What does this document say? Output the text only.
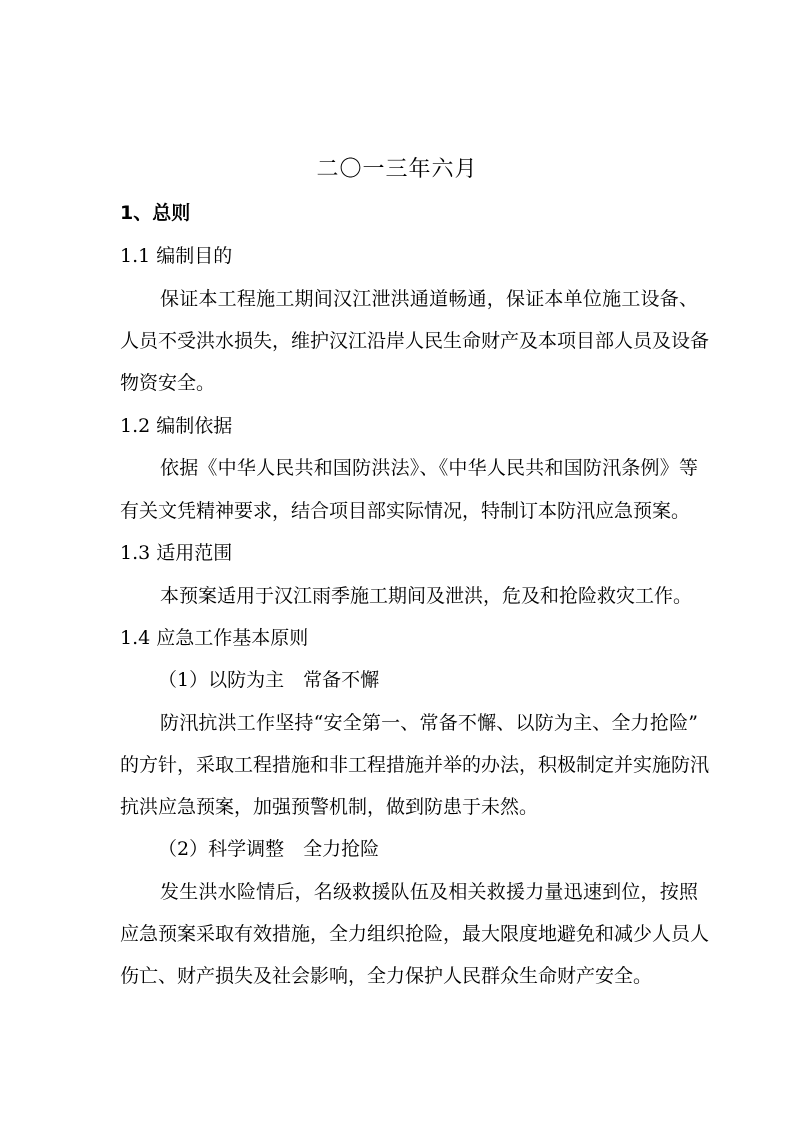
二〇一三年六月
1、总则
1.1 编制目的
保证本工程施工期间汉江泄洪通道畅通，保证本单位施工设备、
人员不受洪水损失，维护汉江沿岸人民生命财产及本项目部人员及设备
物资安全。
1.2 编制依据
依据《中华人民共和国防洪法》、《中华人民共和国防汛条例》等
有关文凭精神要求，结合项目部实际情况，特制订本防汛应急预案。
1.3 适用范围
本预案适用于汉江雨季施工期间及泄洪，危及和抢险救灾工作。
1.4 应急工作基本原则
（1）以防为主　常备不懈
防汛抗洪工作坚持“安全第一、常备不懈、以防为主、全力抢险”
的方针，采取工程措施和非工程措施并举的办法，积极制定并实施防汛
抗洪应急预案，加强预警机制，做到防患于未然。
（2）科学调整　全力抢险
发生洪水险情后，名级救援队伍及相关救援力量迅速到位，按照
应急预案采取有效措施，全力组织抢险，最大限度地避免和减少人员人
伤亡、财产损失及社会影响，全力保护人民群众生命财产安全。
